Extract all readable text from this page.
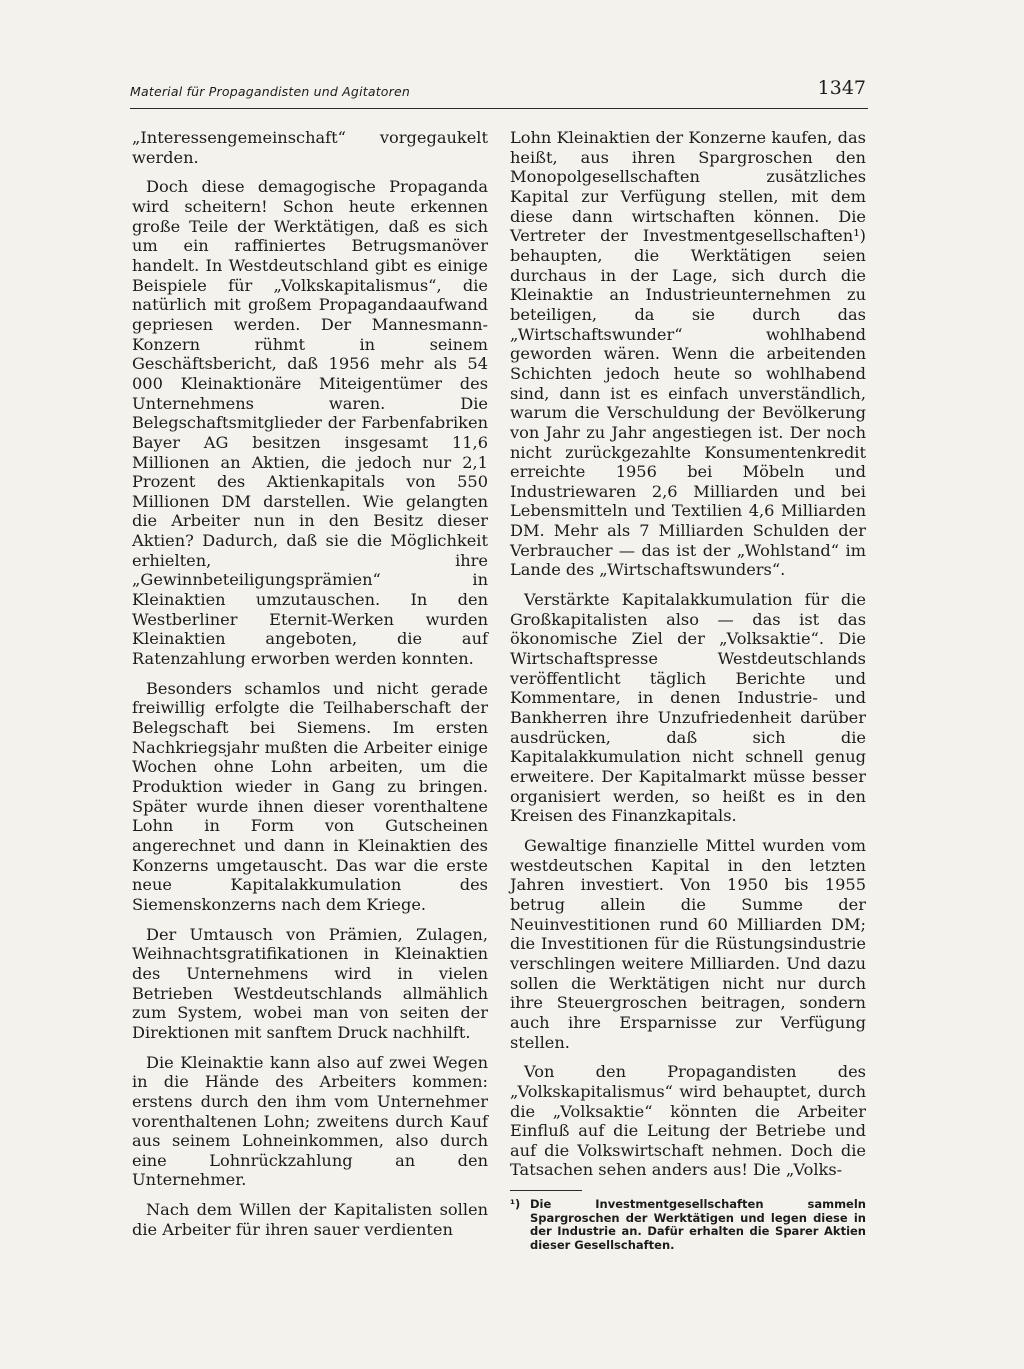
Material für Propagandisten und Agitatoren	1347

„Interessengemeinschaft“ vorgegaukelt werden.

Doch diese demagogische Propaganda wird scheitern! Schon heute erkennen große Teile der Werktätigen, daß es sich um ein raffiniertes Betrugsmanöver handelt. In Westdeutschland gibt es einige Beispiele für „Volkskapitalismus“, die natürlich mit großem Propagandaaufwand gepriesen werden. Der Mannesmann-Konzern rühmt in seinem Geschäftsbericht, daß 1956 mehr als 54 000 Kleinaktionäre Miteigentümer des Unternehmens waren. Die Belegschaftsmitglieder der Farbenfabriken Bayer AG besitzen insgesamt 11,6 Millionen an Aktien, die jedoch nur 2,1 Prozent des Aktienkapitals von 550 Millionen DM darstellen. Wie gelangten die Arbeiter nun in den Besitz dieser Aktien? Dadurch, daß sie die Möglichkeit erhielten, ihre „Gewinnbeteiligungsprämien“ in Kleinaktien umzutauschen. In den Westberliner Eternit-Werken wurden Kleinaktien angeboten, die auf Ratenzahlung erworben werden konnten.

Besonders schamlos und nicht gerade freiwillig erfolgte die Teilhaberschaft der Belegschaft bei Siemens. Im ersten Nachkriegsjahr mußten die Arbeiter einige Wochen ohne Lohn arbeiten, um die Produktion wieder in Gang zu bringen. Später wurde ihnen dieser vorenthaltene Lohn in Form von Gutscheinen angerechnet und dann in Kleinaktien des Konzerns umgetauscht. Das war die erste neue Kapitalakkumulation des Siemenskonzerns nach dem Kriege.

Der Umtausch von Prämien, Zulagen, Weihnachtsgratifikationen in Kleinaktien des Unternehmens wird in vielen Betrieben Westdeutschlands allmählich zum System, wobei man von seiten der Direktionen mit sanftem Druck nachhilft.

Die Kleinaktie kann also auf zwei Wegen in die Hände des Arbeiters kommen: erstens durch den ihm vom Unternehmer vorenthaltenen Lohn; zweitens durch Kauf aus seinem Lohneinkommen, also durch eine Lohnrückzahlung an den Unternehmer.

Nach dem Willen der Kapitalisten sollen die Arbeiter für ihren sauer verdienten

Lohn Kleinaktien der Konzerne kaufen, das heißt, aus ihren Spargroschen den Monopolgesellschaften zusätzliches Kapital zur Verfügung stellen, mit dem diese dann wirtschaften können. Die Vertreter der Investmentgesellschaften¹) behaupten, die Werktätigen seien durchaus in der Lage, sich durch die Kleinaktie an Industrieunternehmen zu beteiligen, da sie durch das „Wirtschaftswunder“ wohlhabend geworden wären. Wenn die arbeitenden Schichten jedoch heute so wohlhabend sind, dann ist es einfach unverständlich, warum die Verschuldung der Bevölkerung von Jahr zu Jahr angestiegen ist. Der noch nicht zurückgezahlte Konsumentenkredit erreichte 1956 bei Möbeln und Industriewaren 2,6 Milliarden und bei Lebensmitteln und Textilien 4,6 Milliarden DM. Mehr als 7 Milliarden Schulden der Verbraucher — das ist der „Wohlstand“ im Lande des „Wirtschaftswunders“.

Verstärkte Kapitalakkumulation für die Großkapitalisten also — das ist das ökonomische Ziel der „Volksaktie“. Die Wirtschaftspresse Westdeutschlands veröffentlicht täglich Berichte und Kommentare, in denen Industrie- und Bankherren ihre Unzufriedenheit darüber ausdrücken, daß sich die Kapitalakkumulation nicht schnell genug erweitere. Der Kapitalmarkt müsse besser organisiert werden, so heißt es in den Kreisen des Finanzkapitals.

Gewaltige finanzielle Mittel wurden vom westdeutschen Kapital in den letzten Jahren investiert. Von 1950 bis 1955 betrug allein die Summe der Neuinvestitionen rund 60 Milliarden DM; die Investitionen für die Rüstungsindustrie verschlingen weitere Milliarden. Und dazu sollen die Werktätigen nicht nur durch ihre Steuergroschen beitragen, sondern auch ihre Ersparnisse zur Verfügung stellen.

Von den Propagandisten des „Volkskapitalismus“ wird behauptet, durch die „Volksaktie“ könnten die Arbeiter Einfluß auf die Leitung der Betriebe und auf die Volkswirtschaft nehmen. Doch die Tatsachen sehen anders aus! Die „Volks-

¹) Die Investmentgesellschaften sammeln Spargroschen der Werktätigen und legen diese in der Industrie an. Dafür erhalten die Sparer Aktien dieser Gesellschaften.
